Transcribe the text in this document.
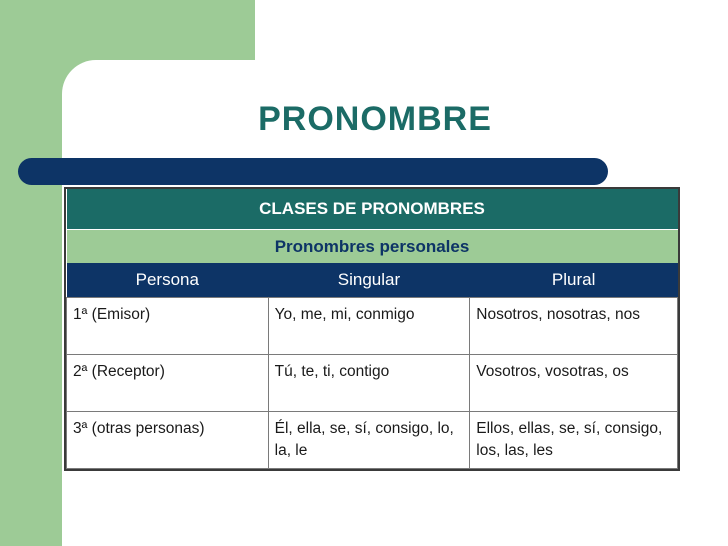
PRONOMBRE
CLASES DE PRONOMBRES		
Pronombres personales		
Persona	Singular	Plural
1ª (Emisor)	Yo, me, mi, conmigo	Nosotros, nosotras, nos
2ª (Receptor)	Tú, te, ti, contigo	Vosotros, vosotras, os
3ª (otras personas)	Él, ella, se, sí, consigo, lo, la, le	Ellos, ellas, se, sí, consigo, los, las, les
